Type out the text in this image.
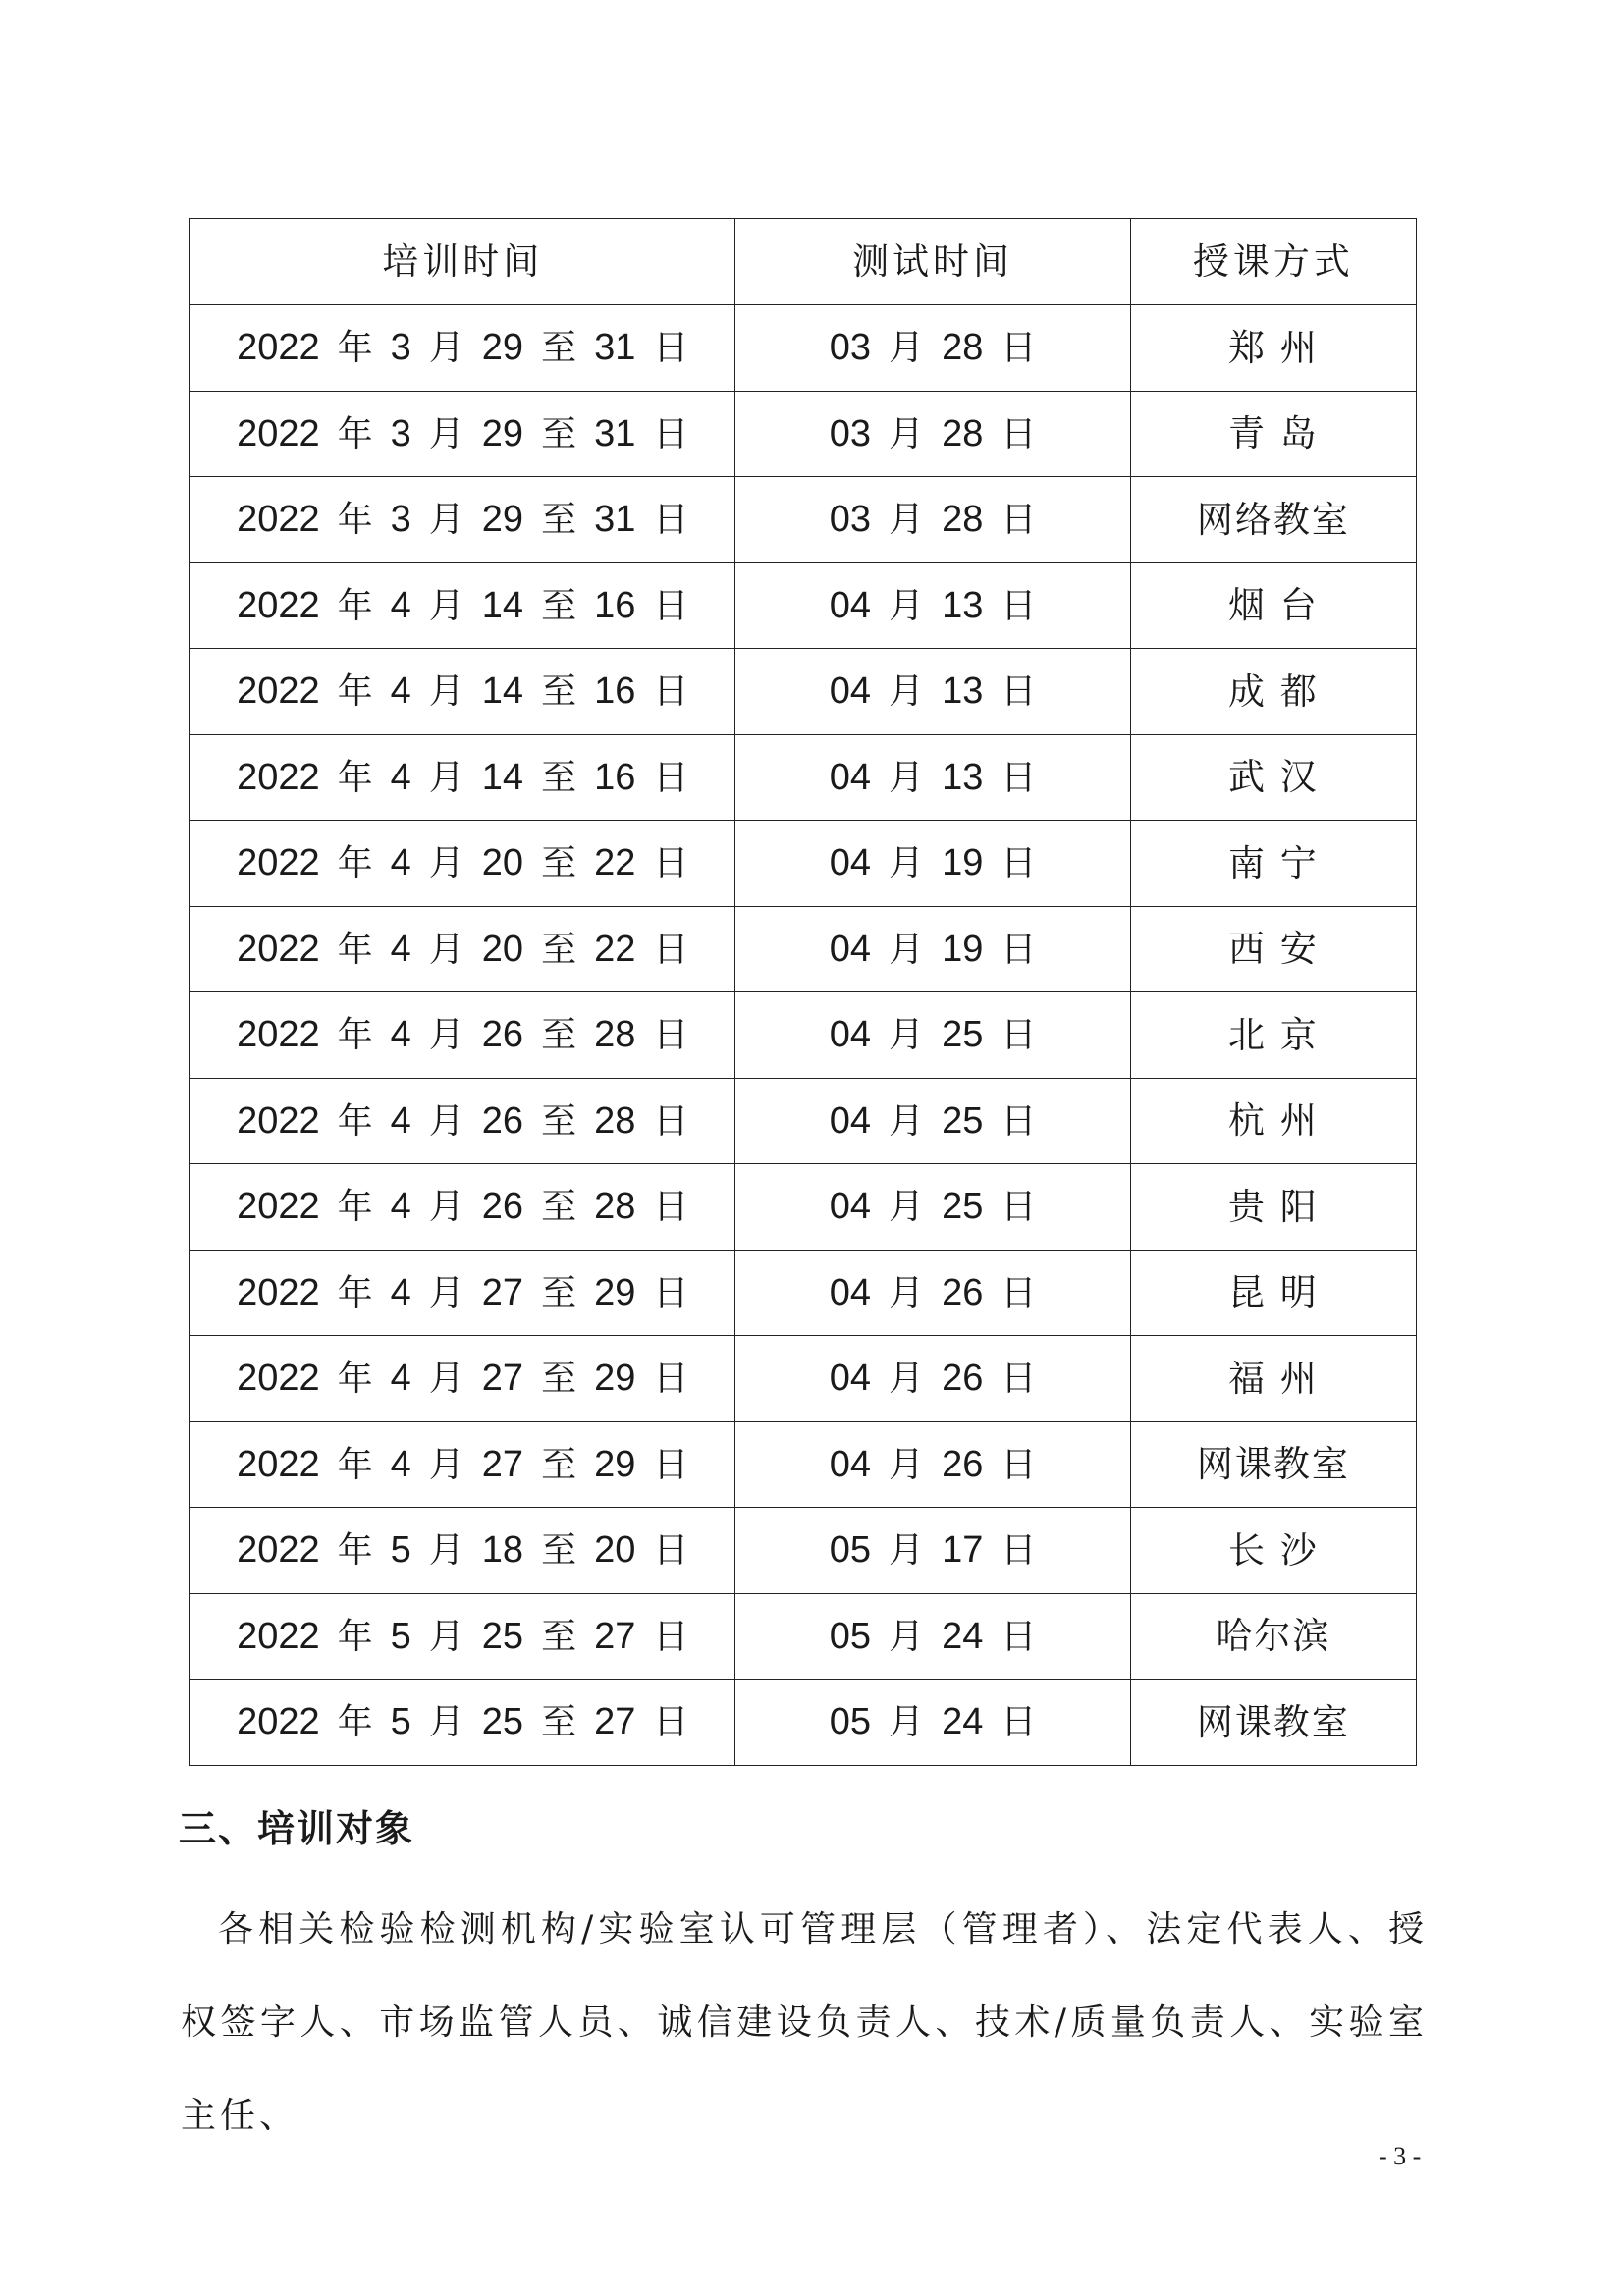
培训时间	测试时间	授课方式
2022 年 3 月 29 至 31 日	03 月 28 日	郑 州
2022 年 3 月 29 至 31 日	03 月 28 日	青 岛
2022 年 3 月 29 至 31 日	03 月 28 日	网络教室
2022 年 4 月 14 至 16 日	04 月 13 日	烟 台
2022 年 4 月 14 至 16 日	04 月 13 日	成 都
2022 年 4 月 14 至 16 日	04 月 13 日	武 汉
2022 年 4 月 20 至 22 日	04 月 19 日	南 宁
2022 年 4 月 20 至 22 日	04 月 19 日	西 安
2022 年 4 月 26 至 28 日	04 月 25 日	北 京
2022 年 4 月 26 至 28 日	04 月 25 日	杭 州
2022 年 4 月 26 至 28 日	04 月 25 日	贵 阳
2022 年 4 月 27 至 29 日	04 月 26 日	昆 明
2022 年 4 月 27 至 29 日	04 月 26 日	福 州
2022 年 4 月 27 至 29 日	04 月 26 日	网课教室
2022 年 5 月 18 至 20 日	05 月 17 日	长 沙
2022 年 5 月 25 至 27 日	05 月 24 日	哈尔滨
2022 年 5 月 25 至 27 日	05 月 24 日	网课教室
三、培训对象

各相关检验检测机构/实验室认可管理层（管理者）、法定代表人、授权签字人、市场监管人员、诚信建设负责人、技术/质量负责人、实验室主任、

- 3 -
